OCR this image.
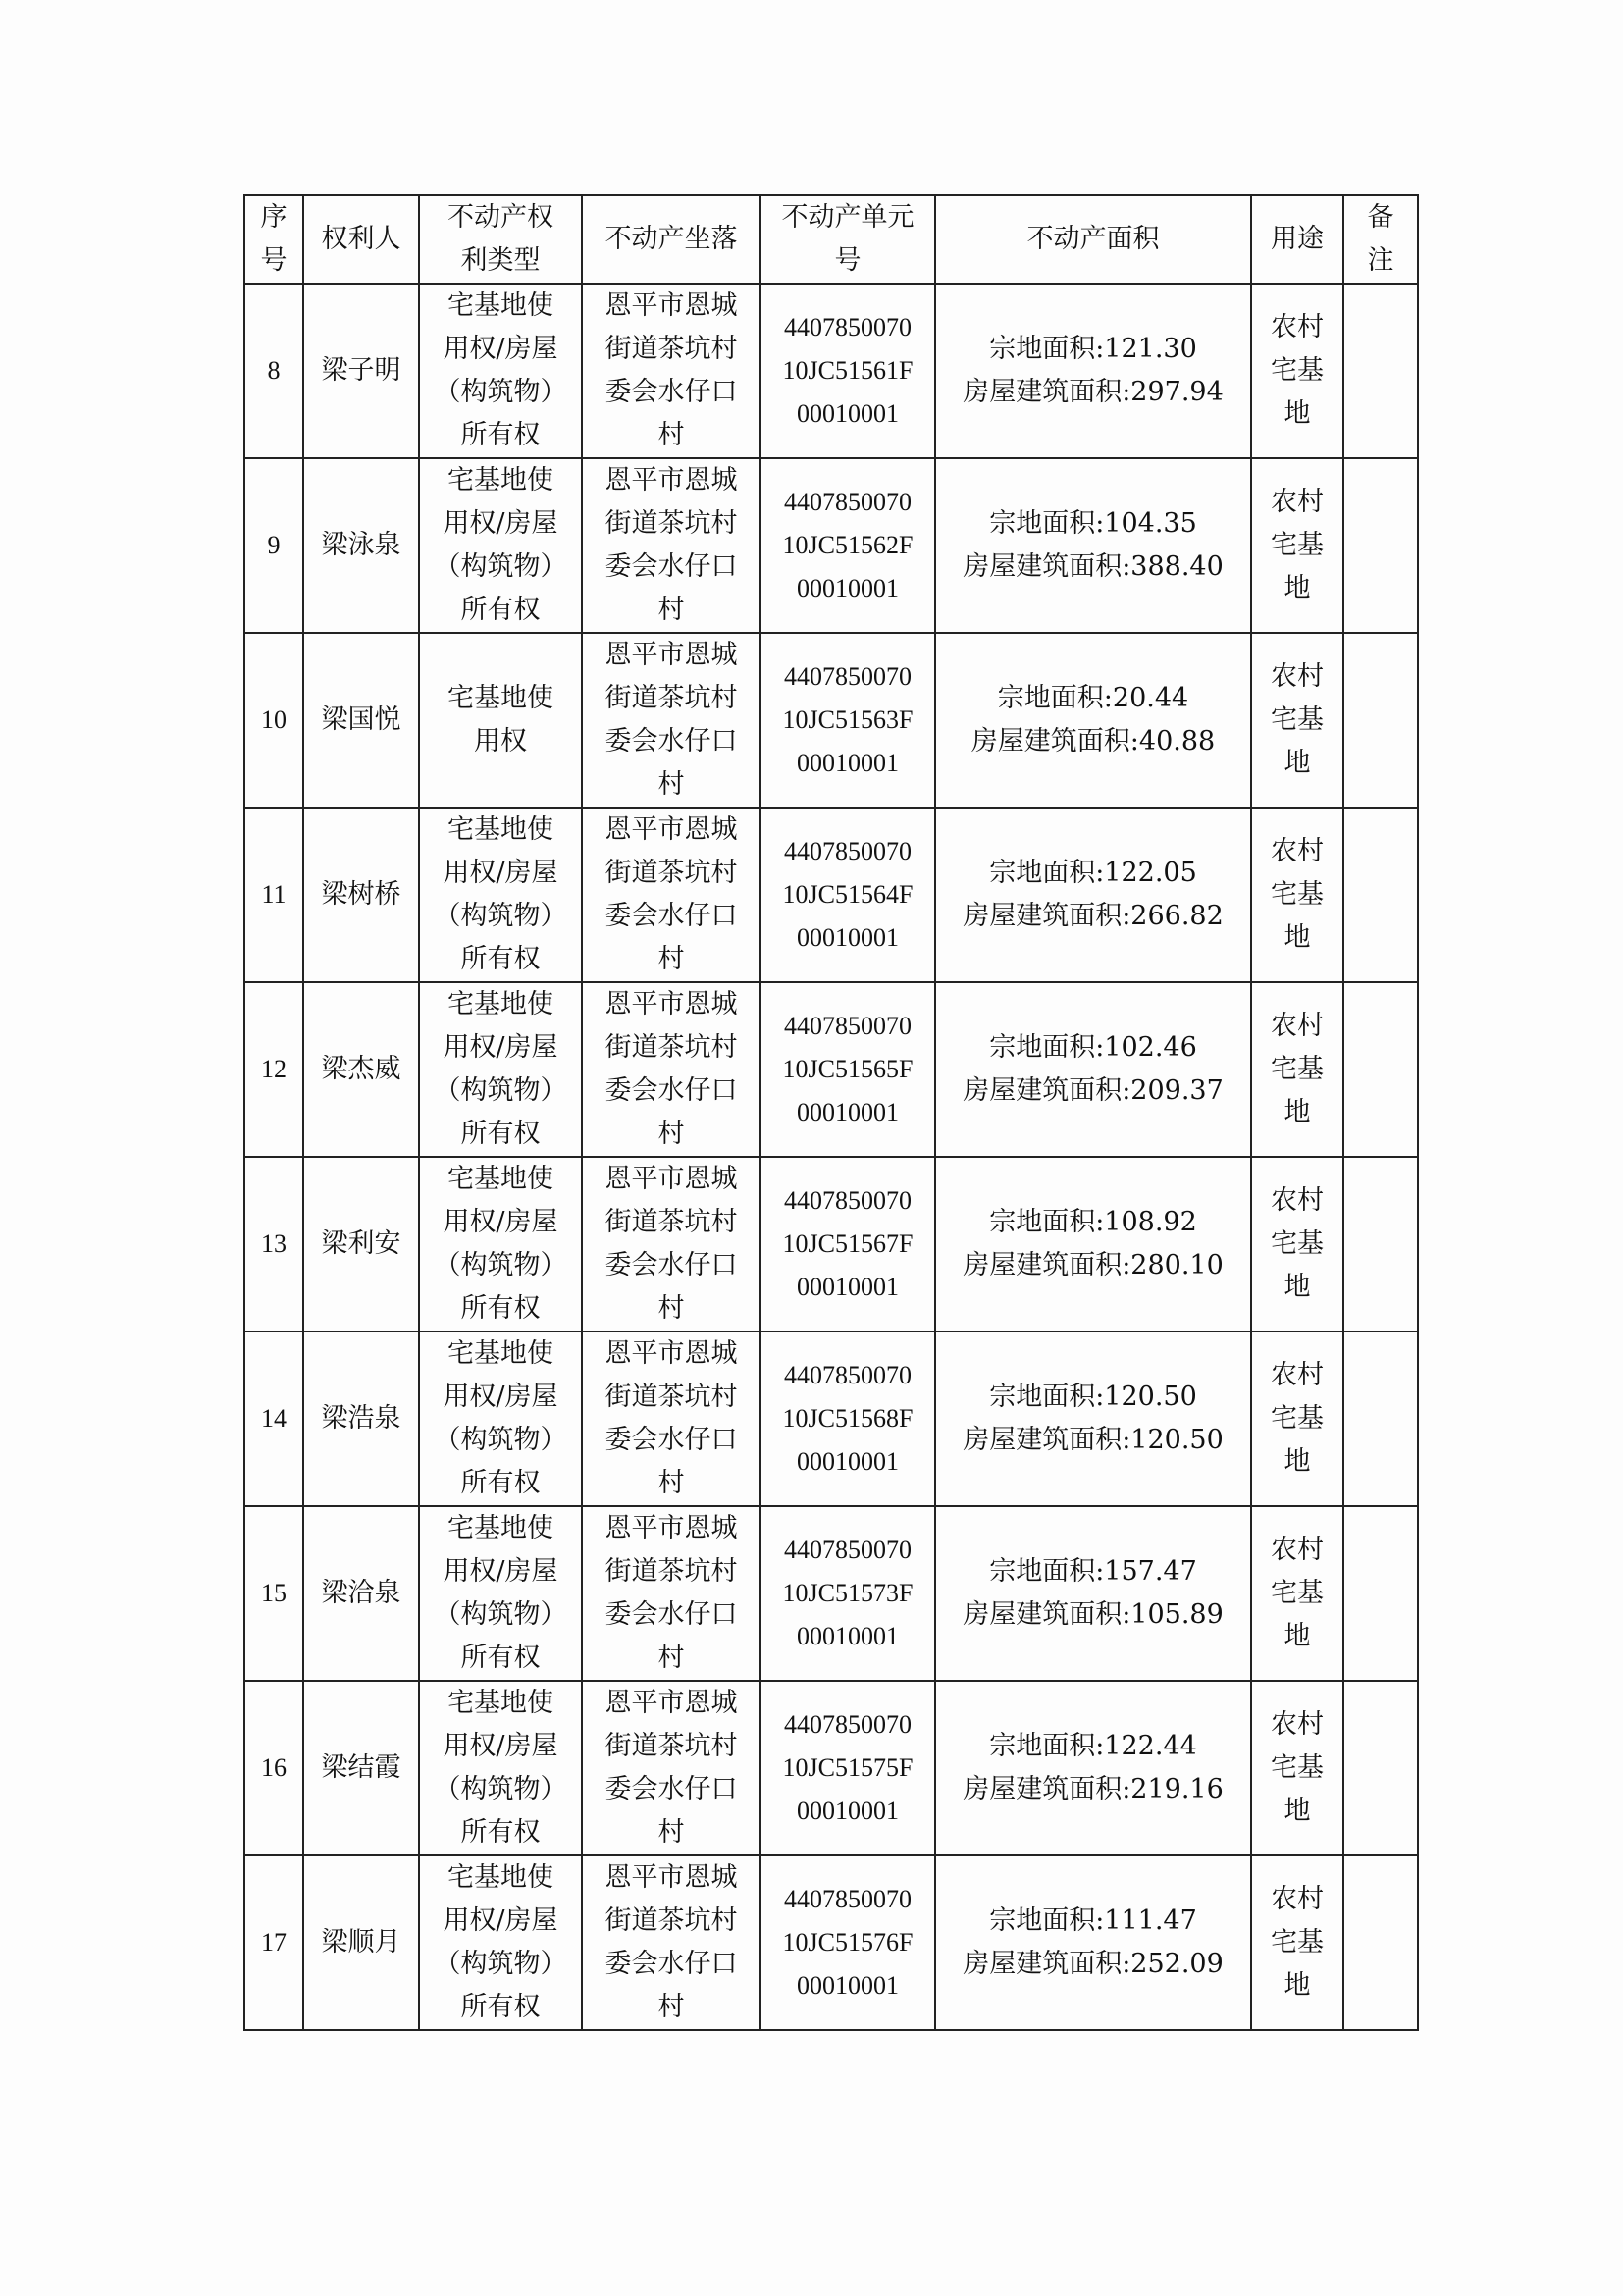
序
号	权利人	不动产权
利类型	不动产坐落	不动产单元
号	不动产面积	用途	备
注
8	梁子明	宅基地使
用权/房屋
（构筑物）
所有权	恩平市恩城
街道茶坑村
委会水仔口
村	4407850070
10JC51561F
00010001	宗地面积:121.30
房屋建筑面积:297.94	农村
宅基
地	
9	梁泳泉	宅基地使
用权/房屋
（构筑物）
所有权	恩平市恩城
街道茶坑村
委会水仔口
村	4407850070
10JC51562F
00010001	宗地面积:104.35
房屋建筑面积:388.40	农村
宅基
地	
10	梁国悦	宅基地使
用权	恩平市恩城
街道茶坑村
委会水仔口
村	4407850070
10JC51563F
00010001	宗地面积:20.44
房屋建筑面积:40.88	农村
宅基
地	
11	梁树桥	宅基地使
用权/房屋
（构筑物）
所有权	恩平市恩城
街道茶坑村
委会水仔口
村	4407850070
10JC51564F
00010001	宗地面积:122.05
房屋建筑面积:266.82	农村
宅基
地	
12	梁杰威	宅基地使
用权/房屋
（构筑物）
所有权	恩平市恩城
街道茶坑村
委会水仔口
村	4407850070
10JC51565F
00010001	宗地面积:102.46
房屋建筑面积:209.37	农村
宅基
地	
13	梁利安	宅基地使
用权/房屋
（构筑物）
所有权	恩平市恩城
街道茶坑村
委会水仔口
村	4407850070
10JC51567F
00010001	宗地面积:108.92
房屋建筑面积:280.10	农村
宅基
地	
14	梁浩泉	宅基地使
用权/房屋
（构筑物）
所有权	恩平市恩城
街道茶坑村
委会水仔口
村	4407850070
10JC51568F
00010001	宗地面积:120.50
房屋建筑面积:120.50	农村
宅基
地	
15	梁洽泉	宅基地使
用权/房屋
（构筑物）
所有权	恩平市恩城
街道茶坑村
委会水仔口
村	4407850070
10JC51573F
00010001	宗地面积:157.47
房屋建筑面积:105.89	农村
宅基
地	
16	梁结霞	宅基地使
用权/房屋
（构筑物）
所有权	恩平市恩城
街道茶坑村
委会水仔口
村	4407850070
10JC51575F
00010001	宗地面积:122.44
房屋建筑面积:219.16	农村
宅基
地	
17	梁顺月	宅基地使
用权/房屋
（构筑物）
所有权	恩平市恩城
街道茶坑村
委会水仔口
村	4407850070
10JC51576F
00010001	宗地面积:111.47
房屋建筑面积:252.09	农村
宅基
地	
